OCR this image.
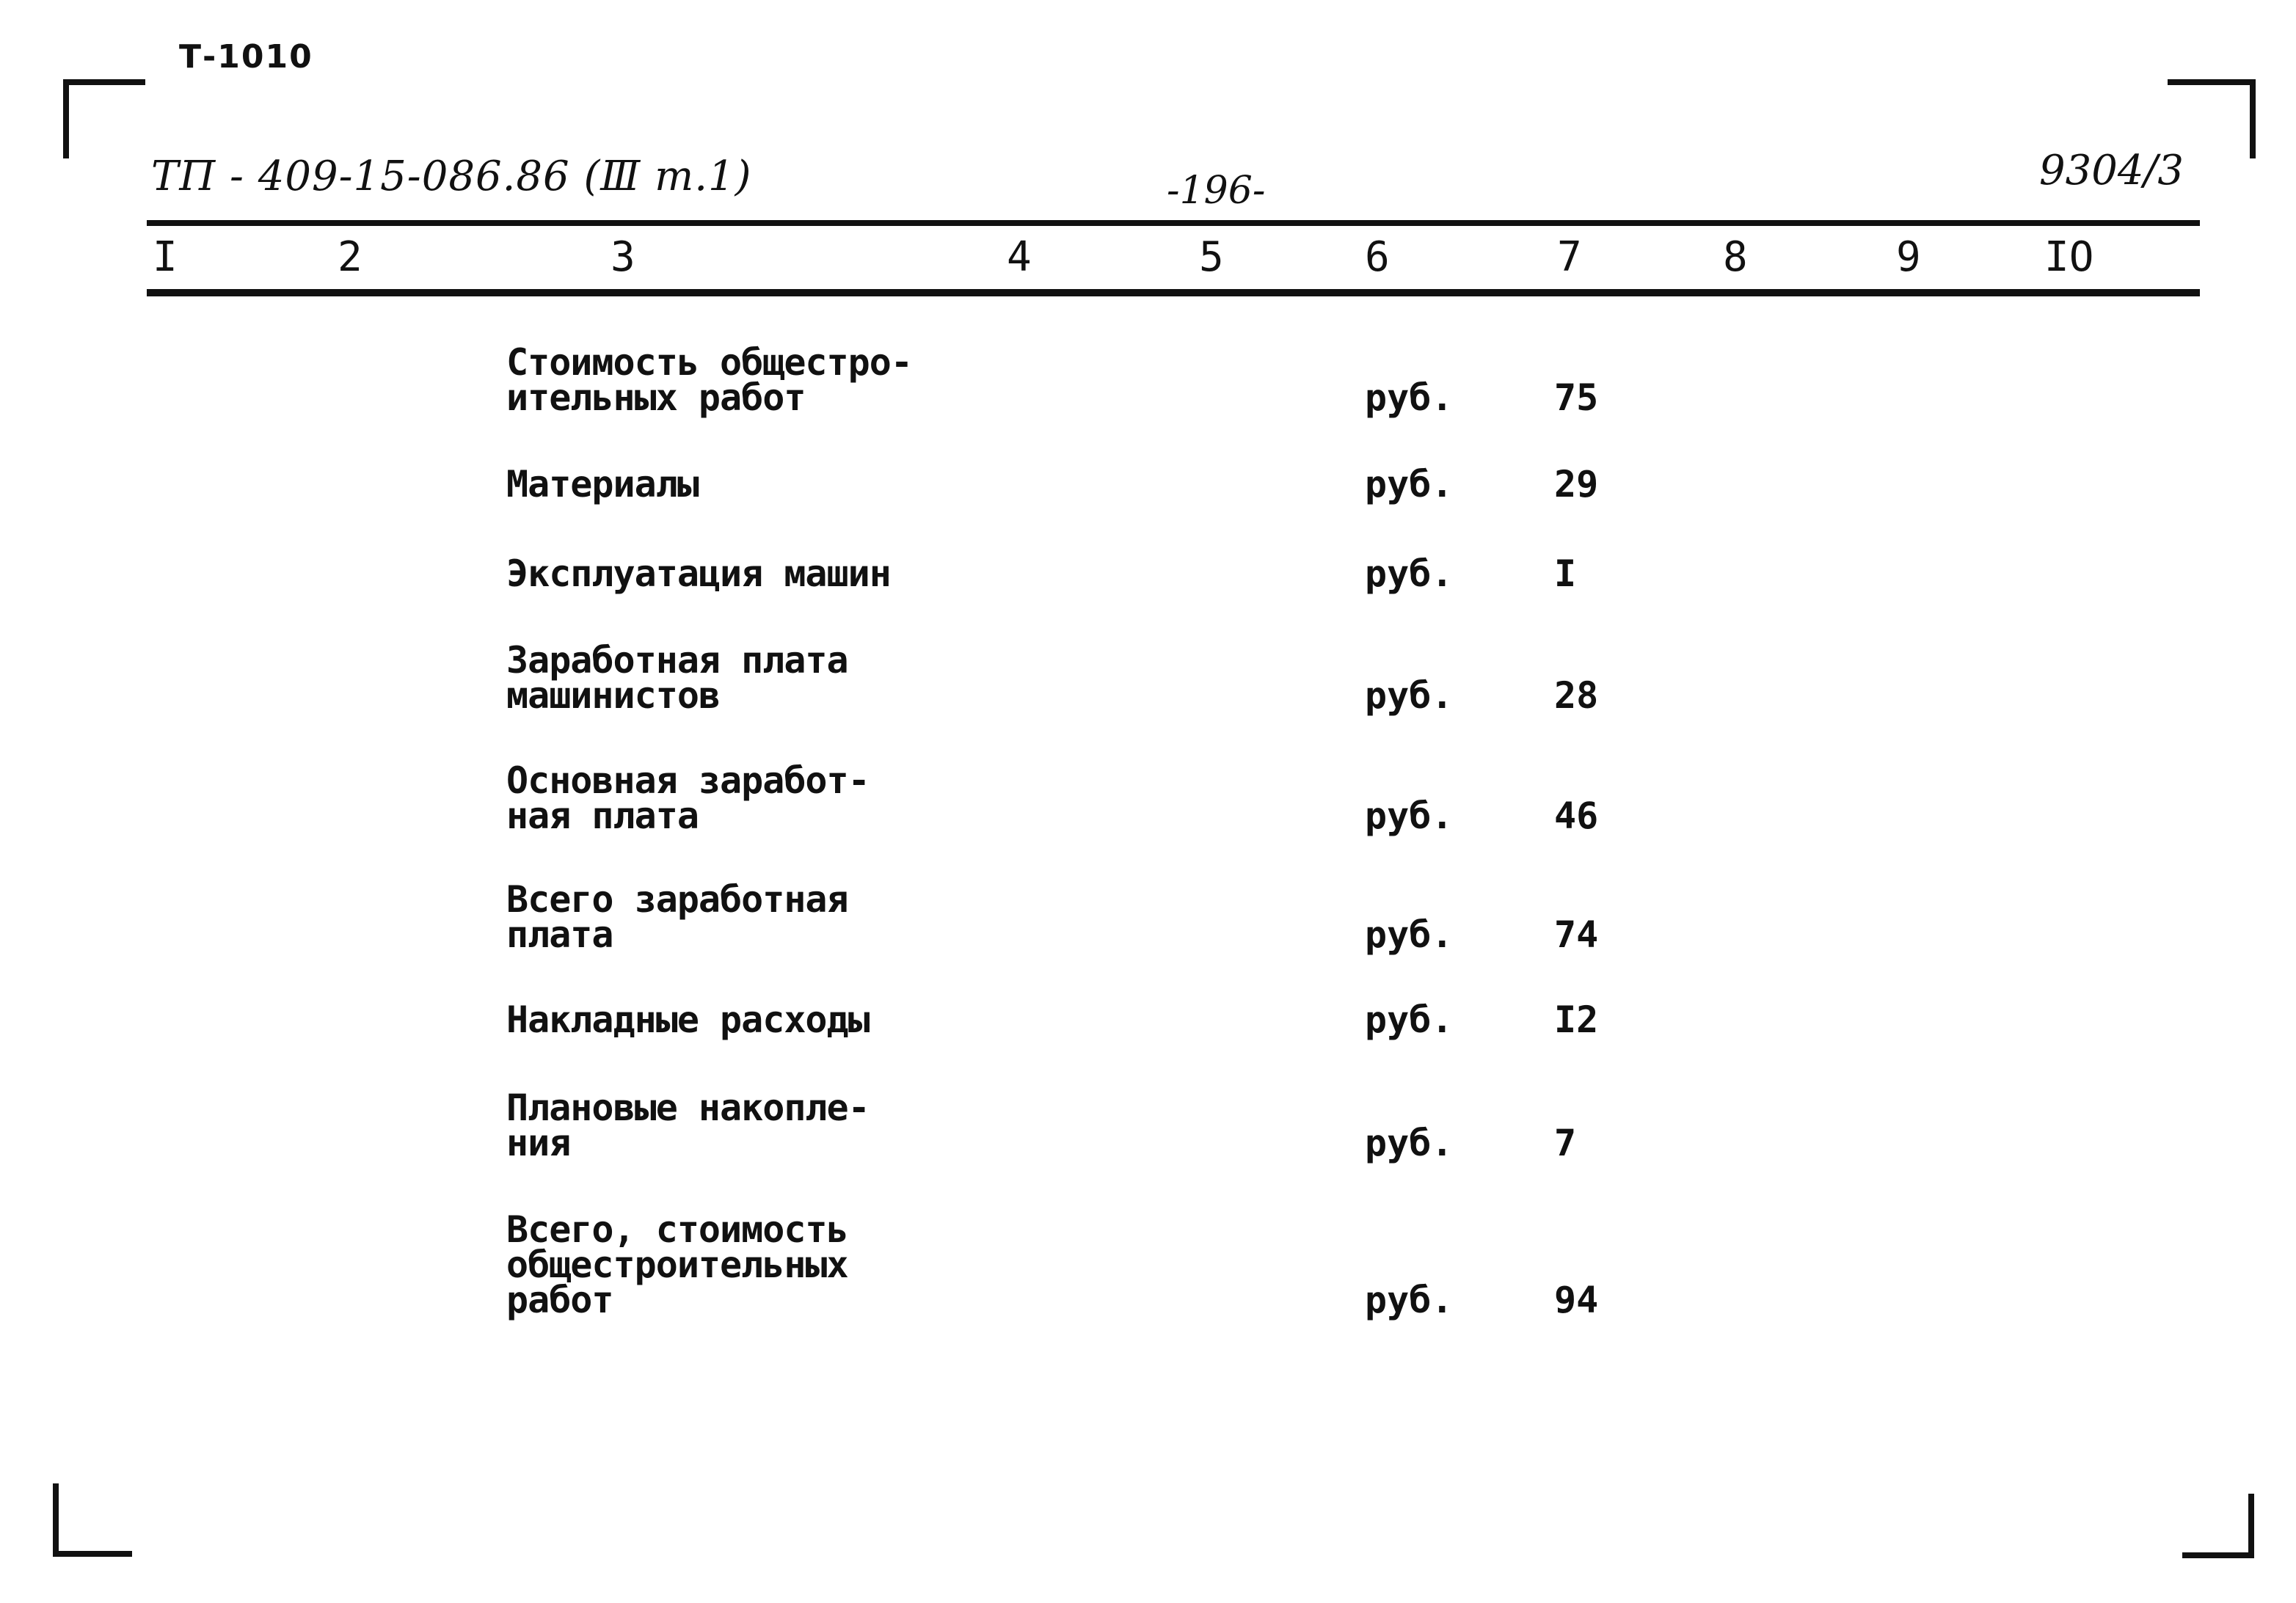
Т-1010
ТП - 409-15-086.86 (Ⅲ т.1)	-196-	9304/3
I	2	3	4	5	6	7	8	9	IO
Стоимость общестро-
ительных работ	руб.	75
Материалы	руб.	29
Эксплуатация машин	руб.	I
Заработная плата
машинистов	руб.	28
Основная заработ-
ная плата	руб.	46
Всего заработная
плата	руб.	74
Накладные расходы	руб.	I2
Плановые накопле-
ния	руб.	7
Всего, стоимость
общестроительных
работ	руб.	94
